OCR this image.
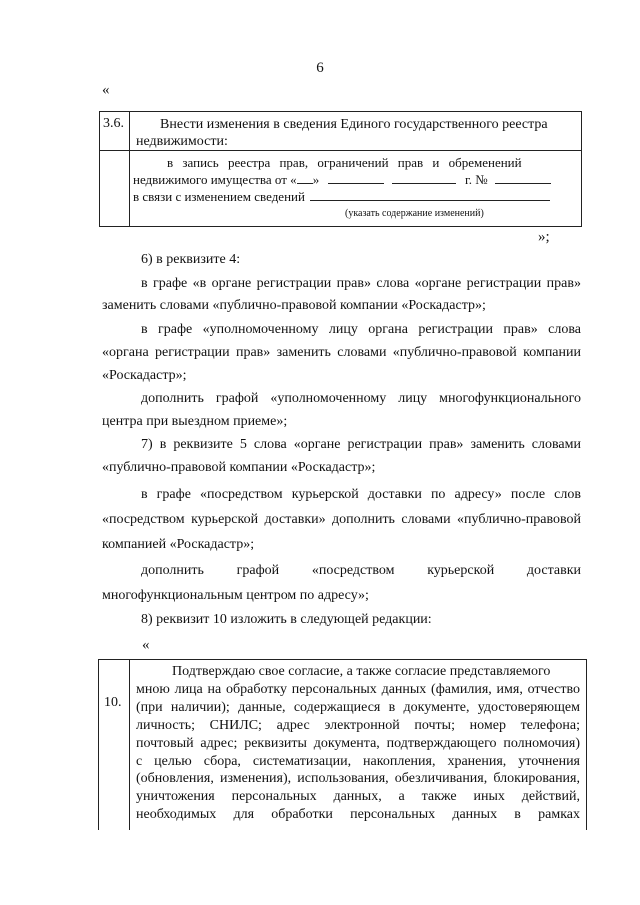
6
«
3.6.	Внести изменения в сведения Единого государственного реестра
недвижимости:
в запись реестра прав, ограничений прав и обременений
недвижимого имущества от « »	г. №
в связи с изменением сведений
(указать содержание изменений)
»;
6) в реквизите 4:
в графе «в органе регистрации прав» слова «органе регистрации прав»
заменить словами «публично-правовой компании «Роскадастр»;
в графе «уполномоченному лицу органа регистрации прав» слова
«органа регистрации прав» заменить словами «публично-правовой компании
«Роскадастр»;
дополнить графой «уполномоченному лицу многофункционального
центра при выездном приеме»;
7) в реквизите 5 слова «органе регистрации прав» заменить словами
«публично-правовой компании «Роскадастр»;
в графе «посредством курьерской доставки по адресу» после слов
«посредством курьерской доставки» дополнить словами «публично-правовой
компанией «Роскадастр»;
дополнить графой «посредством курьерской доставки
многофункциональным центром по адресу»;
8) реквизит 10 изложить в следующей редакции:
«
10.
Подтверждаю свое согласие, а также согласие представляемого
мною лица на обработку персональных данных (фамилия, имя, отчество
(при наличии); данные, содержащиеся в документе, удостоверяющем
личность; СНИЛС; адрес электронной почты; номер телефона;
почтовый адрес; реквизиты документа, подтверждающего полномочия)
с целью сбора, систематизации, накопления, хранения, уточнения
(обновления, изменения), использования, обезличивания, блокирования,
уничтожения персональных данных, а также иных действий,
необходимых для обработки персональных данных в рамках
